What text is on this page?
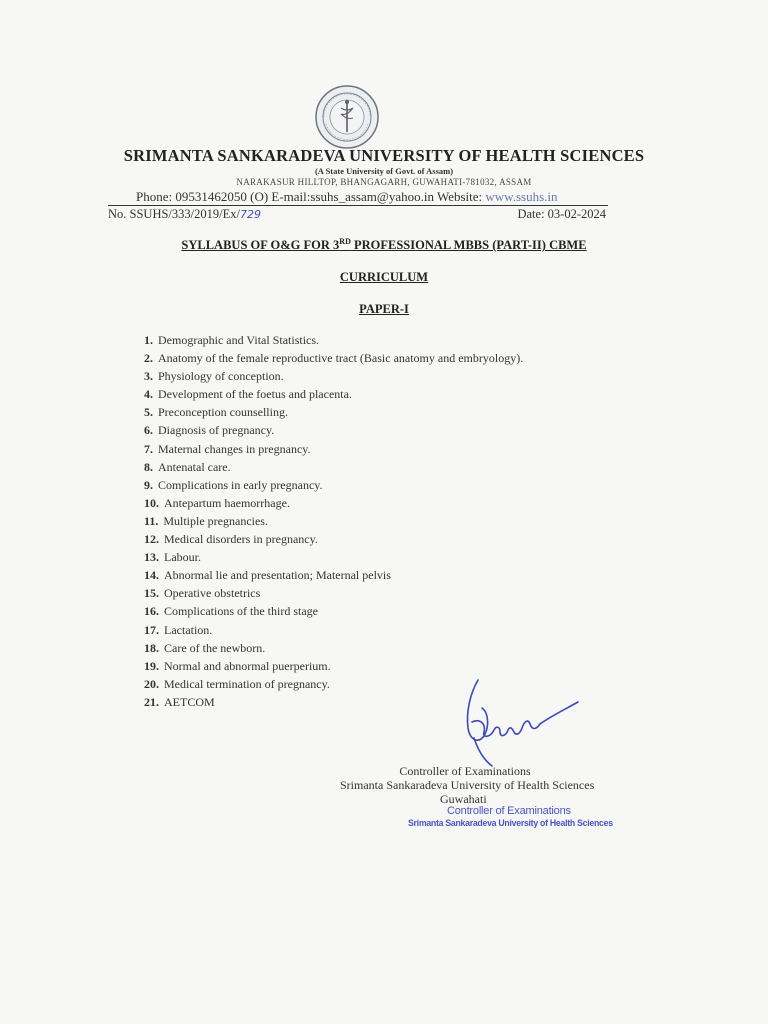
SRIMANTA SANKARADEVA UNIVERSITY OF HEALTH SCIENCES
(A State University of Govt. of Assam)
NARAKASUR HILLTOP, BHANGAGARH, GUWAHATI-781032, ASSAM
Phone: 09531462050 (O) E-mail:ssuhs_assam@yahoo.in Website: www.ssuhs.in
No. SSUHS/333/2019/Ex/729	Date: 03-02-2024
SYLLABUS OF O&G FOR 3RD PROFESSIONAL MBBS (PART-II) CBME
CURRICULUM
PAPER-I
1. Demographic and Vital Statistics.
2. Anatomy of the female reproductive tract (Basic anatomy and embryology).
3. Physiology of conception.
4. Development of the foetus and placenta.
5. Preconception counselling.
6. Diagnosis of pregnancy.
7. Maternal changes in pregnancy.
8. Antenatal care.
9. Complications in early pregnancy.
10. Antepartum haemorrhage.
11. Multiple pregnancies.
12. Medical disorders in pregnancy.
13. Labour.
14. Abnormal lie and presentation; Maternal pelvis
15. Operative obstetrics
16. Complications of the third stage
17. Lactation.
18. Care of the newborn.
19. Normal and abnormal puerperium.
20. Medical termination of pregnancy.
21. AETCOM
Controller of Examinations
Srimanta Sankaradeva University of Health Sciences
Guwahati
Controller of Examinations
Srimanta Sankaradeva University of Health Sciences
